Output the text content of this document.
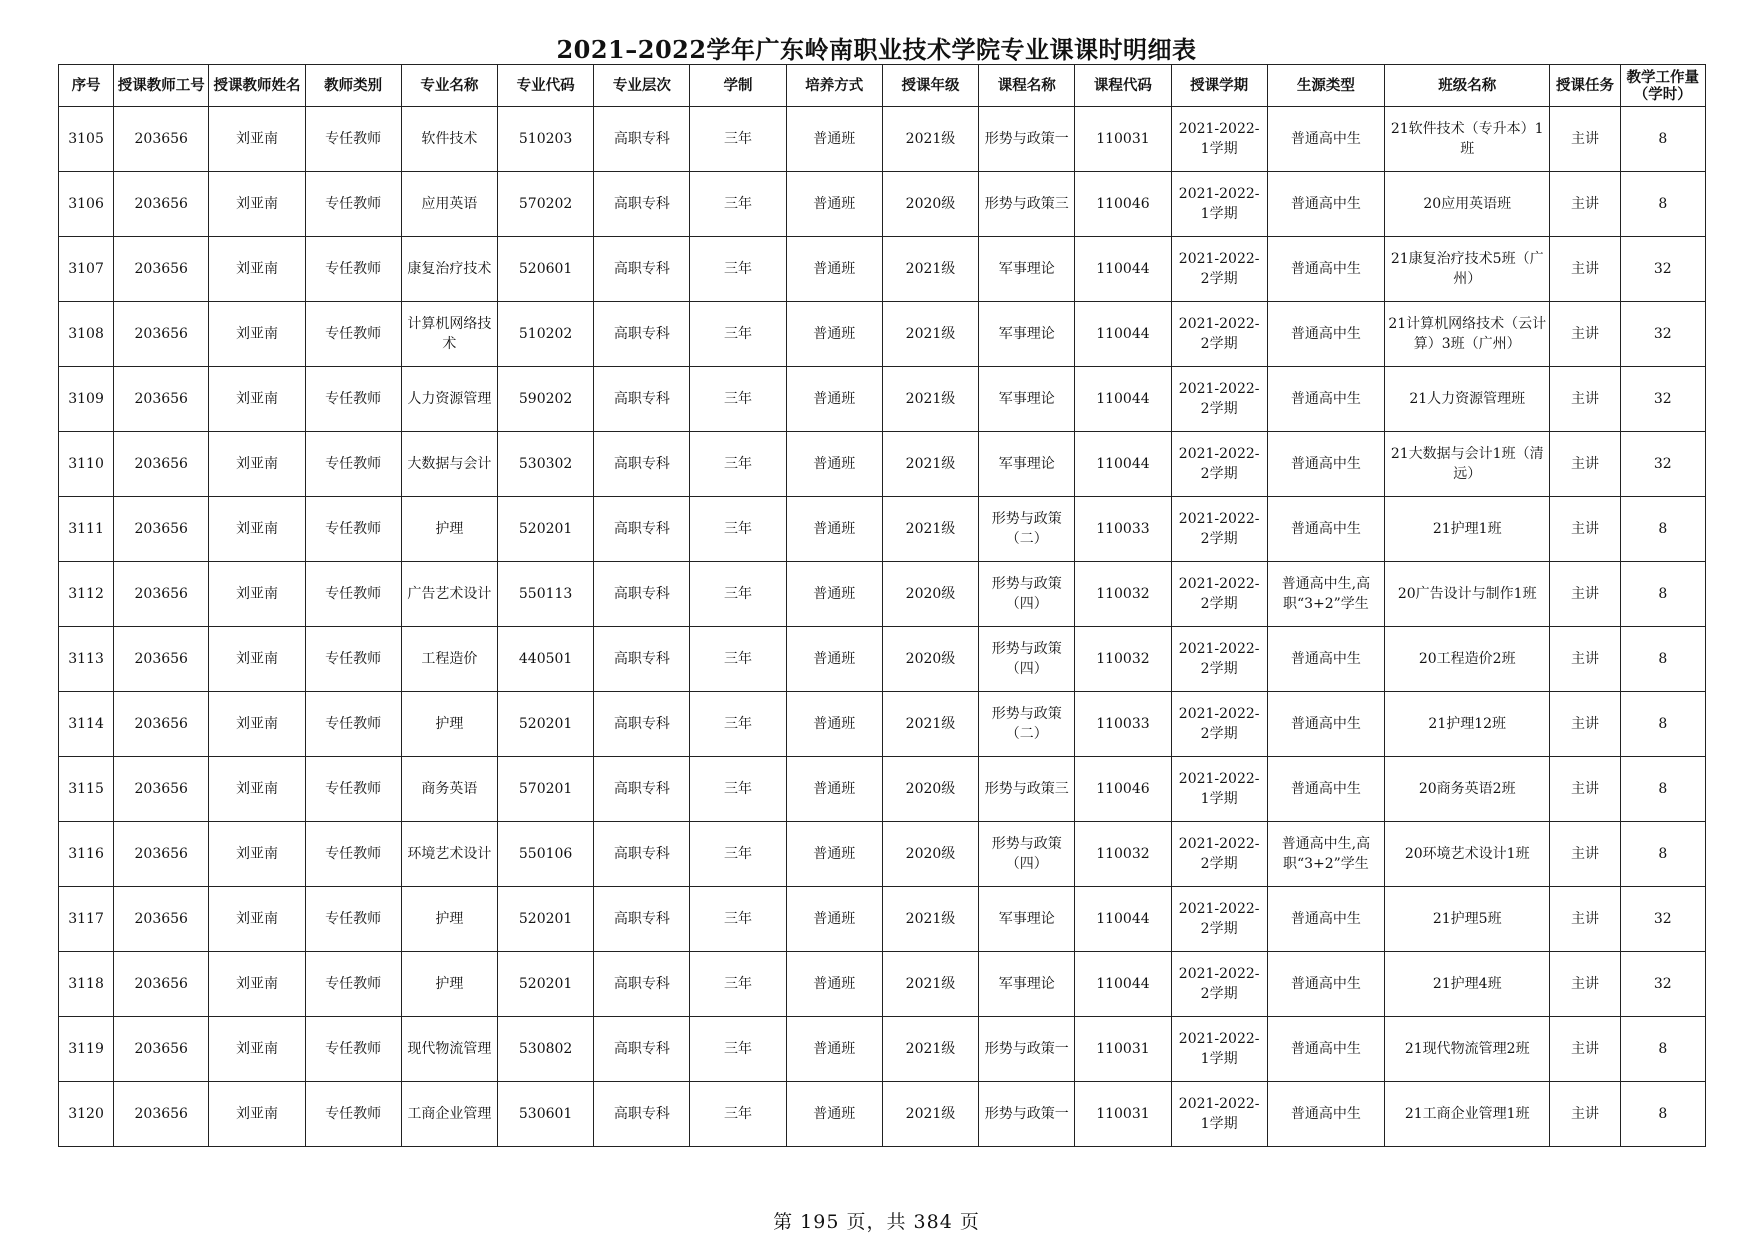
2021–2022学年广东岭南职业技术学院专业课课时明细表
序号	授课教师工号	授课教师姓名	教师类别	专业名称	专业代码	专业层次	学制	培养方式	授课年级	课程名称	课程代码	授课学期	生源类型	班级名称	授课任务	教学工作量（学时）
3105	203656	刘亚南	专任教师	软件技术	510203	高职专科	三年	普通班	2021级	形势与政策一	110031	2021-2022-1学期	普通高中生	21软件技术（专升本）1班	主讲	8
3106	203656	刘亚南	专任教师	应用英语	570202	高职专科	三年	普通班	2020级	形势与政策三	110046	2021-2022-1学期	普通高中生	20应用英语班	主讲	8
3107	203656	刘亚南	专任教师	康复治疗技术	520601	高职专科	三年	普通班	2021级	军事理论	110044	2021-2022-2学期	普通高中生	21康复治疗技术5班（广州）	主讲	32
3108	203656	刘亚南	专任教师	计算机网络技术	510202	高职专科	三年	普通班	2021级	军事理论	110044	2021-2022-2学期	普通高中生	21计算机网络技术（云计算）3班（广州）	主讲	32
3109	203656	刘亚南	专任教师	人力资源管理	590202	高职专科	三年	普通班	2021级	军事理论	110044	2021-2022-2学期	普通高中生	21人力资源管理班	主讲	32
3110	203656	刘亚南	专任教师	大数据与会计	530302	高职专科	三年	普通班	2021级	军事理论	110044	2021-2022-2学期	普通高中生	21大数据与会计1班（清远）	主讲	32
3111	203656	刘亚南	专任教师	护理	520201	高职专科	三年	普通班	2021级	形势与政策（二）	110033	2021-2022-2学期	普通高中生	21护理1班	主讲	8
3112	203656	刘亚南	专任教师	广告艺术设计	550113	高职专科	三年	普通班	2020级	形势与政策（四）	110032	2021-2022-2学期	普通高中生,高职“3+2”学生	20广告设计与制作1班	主讲	8
3113	203656	刘亚南	专任教师	工程造价	440501	高职专科	三年	普通班	2020级	形势与政策（四）	110032	2021-2022-2学期	普通高中生	20工程造价2班	主讲	8
3114	203656	刘亚南	专任教师	护理	520201	高职专科	三年	普通班	2021级	形势与政策（二）	110033	2021-2022-2学期	普通高中生	21护理12班	主讲	8
3115	203656	刘亚南	专任教师	商务英语	570201	高职专科	三年	普通班	2020级	形势与政策三	110046	2021-2022-1学期	普通高中生	20商务英语2班	主讲	8
3116	203656	刘亚南	专任教师	环境艺术设计	550106	高职专科	三年	普通班	2020级	形势与政策（四）	110032	2021-2022-2学期	普通高中生,高职“3+2”学生	20环境艺术设计1班	主讲	8
3117	203656	刘亚南	专任教师	护理	520201	高职专科	三年	普通班	2021级	军事理论	110044	2021-2022-2学期	普通高中生	21护理5班	主讲	32
3118	203656	刘亚南	专任教师	护理	520201	高职专科	三年	普通班	2021级	军事理论	110044	2021-2022-2学期	普通高中生	21护理4班	主讲	32
3119	203656	刘亚南	专任教师	现代物流管理	530802	高职专科	三年	普通班	2021级	形势与政策一	110031	2021-2022-1学期	普通高中生	21现代物流管理2班	主讲	8
3120	203656	刘亚南	专任教师	工商企业管理	530601	高职专科	三年	普通班	2021级	形势与政策一	110031	2021-2022-1学期	普通高中生	21工商企业管理1班	主讲	8
第 195 页，共 384 页
